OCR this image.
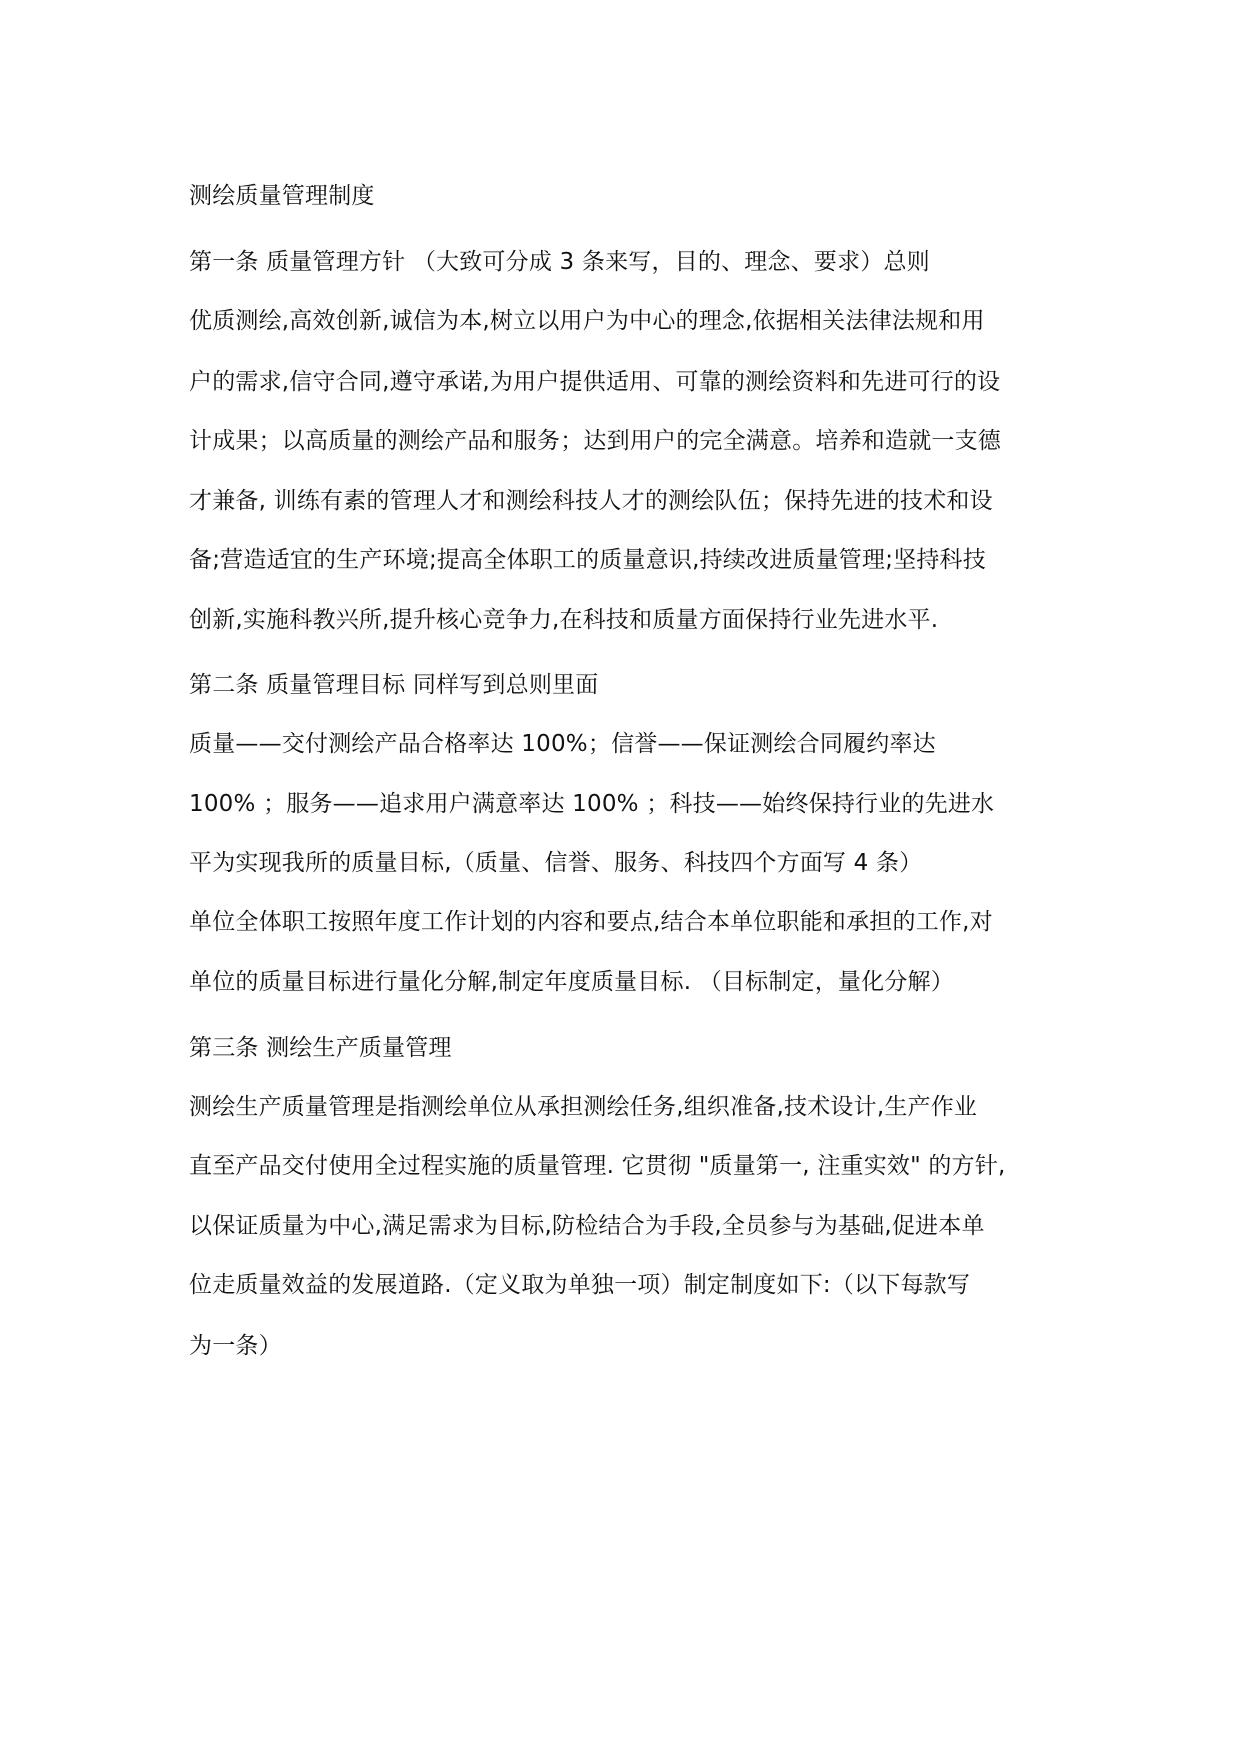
测绘质量管理制度

第一条 质量管理方针 （大致可分成 3 条来写，目的、理念、要求）总则

优质测绘,高效创新,诚信为本,树立以用户为中心的理念,依据相关法律法规和用

户的需求,信守合同,遵守承诺,为用户提供适用、可靠的测绘资料和先进可行的设

计成果；以高质量的测绘产品和服务；达到用户的完全满意。培养和造就一支德

才兼备, 训练有素的管理人才和测绘科技人才的测绘队伍；保持先进的技术和设

备;营造适宜的生产环境;提高全体职工的质量意识,持续改进质量管理;坚持科技

创新,实施科教兴所,提升核心竞争力,在科技和质量方面保持行业先进水平.

第二条 质量管理目标 同样写到总则里面

质量——交付测绘产品合格率达 100%；信誉——保证测绘合同履约率达

100% ；服务——追求用户满意率达 100% ；科技——始终保持行业的先进水

平为实现我所的质量目标,（质量、信誉、服务、科技四个方面写 4 条）

单位全体职工按照年度工作计划的内容和要点,结合本单位职能和承担的工作,对

单位的质量目标进行量化分解,制定年度质量目标. （目标制定，量化分解）

第三条 测绘生产质量管理

测绘生产质量管理是指测绘单位从承担测绘任务,组织准备,技术设计,生产作业

直至产品交付使用全过程实施的质量管理. 它贯彻 "质量第一, 注重实效" 的方针,

以保证质量为中心,满足需求为目标,防检结合为手段,全员参与为基础,促进本单

位走质量效益的发展道路.（定义取为单独一项）制定制度如下:（以下每款写

为一条）
